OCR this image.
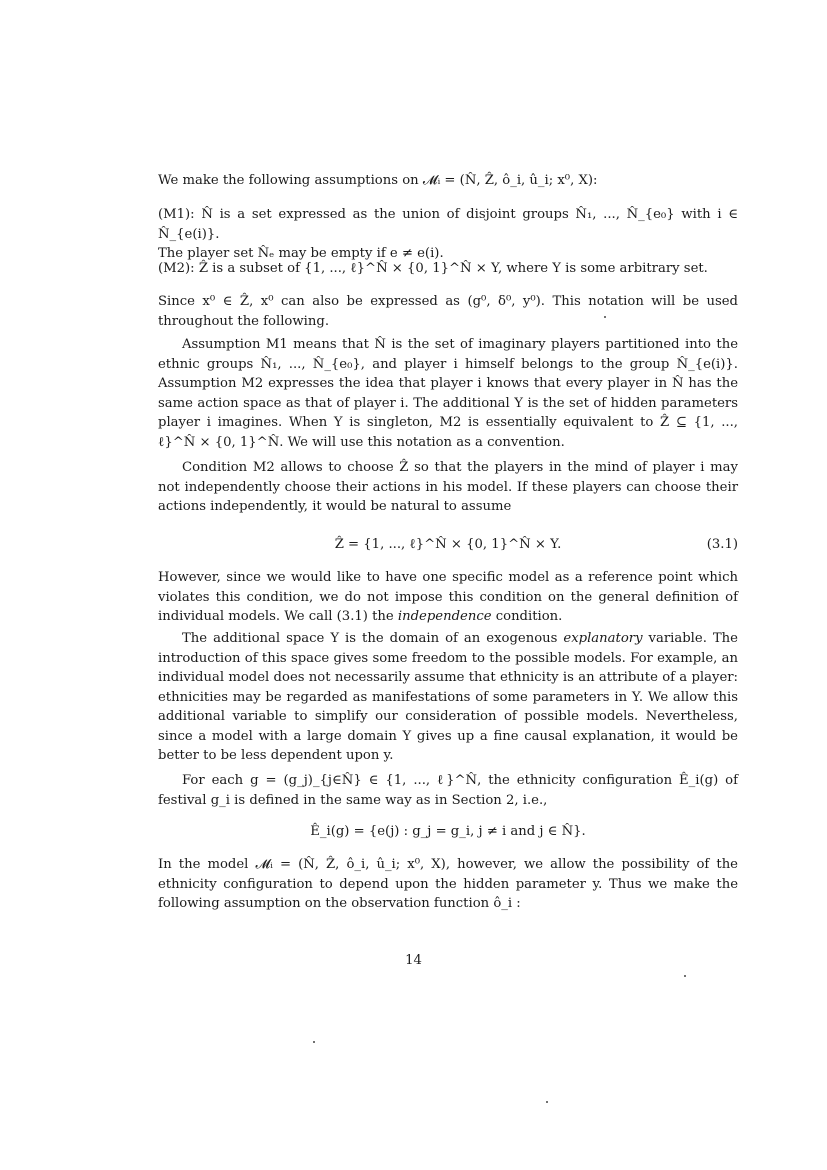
We make the following assumptions on 𝓜ᵢ = (N̂, Ẑ, ô_i, û_i; x⁰, X):

(M1): N̂ is a set expressed as the union of disjoint groups N̂₁, ..., N̂_{e₀} with i ∈ N̂_{e(i)}.
The player set N̂ₑ may be empty if e ≠ e(i).

(M2): Ẑ is a subset of {1, ..., ℓ}^N̂ × {0, 1}^N̂ × Y, where Y is some arbitrary set.

Since x⁰ ∈ Ẑ, x⁰ can also be expressed as (g⁰, δ⁰, y⁰). This notation will be used throughout the following.

Assumption M1 means that N̂ is the set of imaginary players partitioned into the ethnic groups N̂₁, ..., N̂_{e₀}, and player i himself belongs to the group N̂_{e(i)}. Assumption M2 expresses the idea that player i knows that every player in N̂ has the same action space as that of player i. The additional Y is the set of hidden parameters player i imagines. When Y is singleton, M2 is essentially equivalent to Ẑ ⊆ {1, ..., ℓ}^N̂ × {0, 1}^N̂. We will use this notation as a convention.

Condition M2 allows to choose Ẑ so that the players in the mind of player i may not independently choose their actions in his model. If these players can choose their actions independently, it would be natural to assume

Ẑ = {1, ..., ℓ}^N̂ × {0, 1}^N̂ × Y.	(3.1)

However, since we would like to have one specific model as a reference point which violates this condition, we do not impose this condition on the general definition of individual models. We call (3.1) the independence condition.

The additional space Y is the domain of an exogenous explanatory variable. The introduction of this space gives some freedom to the possible models. For example, an individual model does not necessarily assume that ethnicity is an attribute of a player: ethnicities may be regarded as manifestations of some parameters in Y. We allow this additional variable to simplify our consideration of possible models. Nevertheless, since a model with a large domain Y gives up a fine causal explanation, it would be better to be less dependent upon y.

For each g = (g_j)_{j∈N̂} ∈ {1, ..., ℓ}^N̂, the ethnicity configuration Ê_i(g) of festival g_i is defined in the same way as in Section 2, i.e.,

Ê_i(g) = {e(j) : g_j = g_i, j ≠ i and j ∈ N̂}.

In the model 𝓜ᵢ = (N̂, Ẑ, ô_i, û_i; x⁰, X), however, we allow the possibility of the ethnicity configuration to depend upon the hidden parameter y. Thus we make the following assumption on the observation function ô_i :

14
